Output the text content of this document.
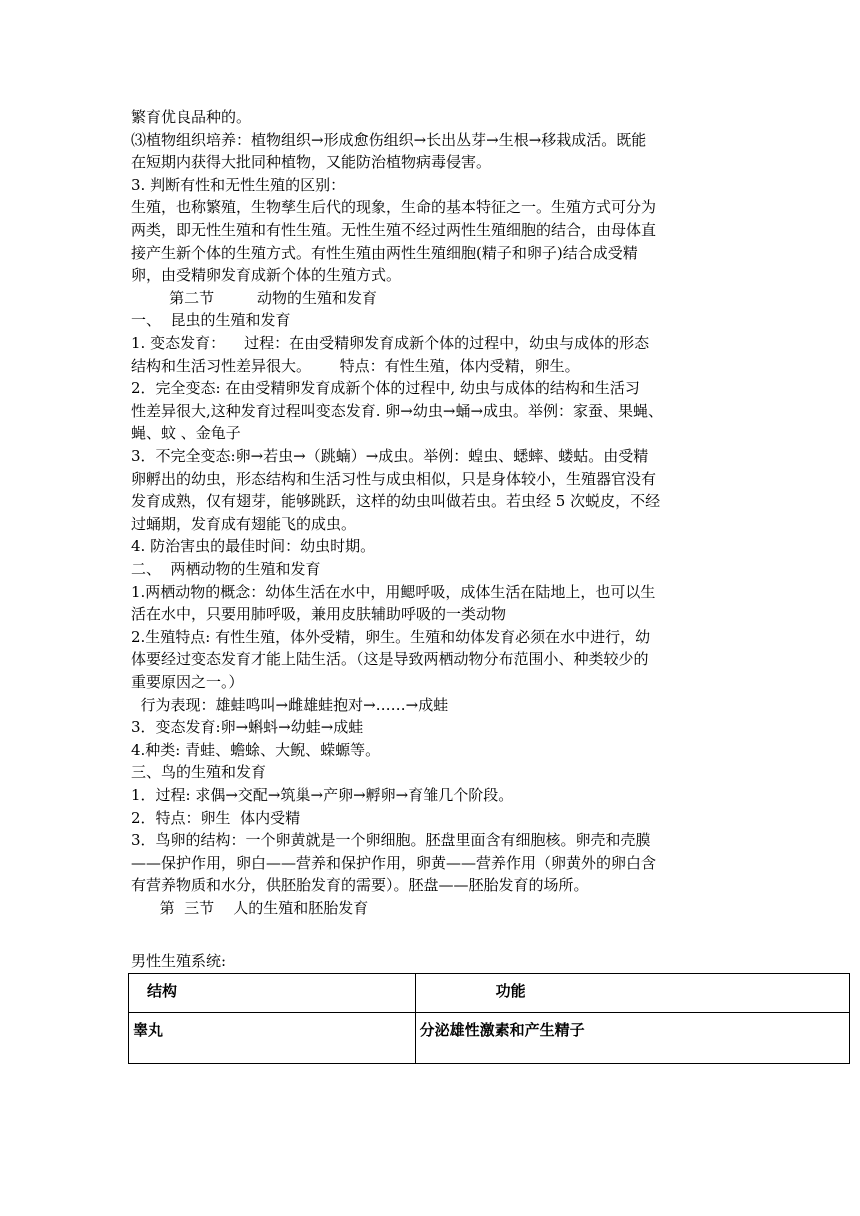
繁育优良品种的。
⑶植物组织培养：植物组织→形成愈伤组织→长出丛芽→生根→移栽成活。既能
在短期内获得大批同种植物，又能防治植物病毒侵害。
3. 判断有性和无性生殖的区别：
生殖，也称繁殖，生物孳生后代的现象，生命的基本特征之一。生殖方式可分为
两类，即无性生殖和有性生殖。无性生殖不经过两性生殖细胞的结合，由母体直
接产生新个体的生殖方式。有性生殖由两性生殖细胞(精子和卵子)结合成受精
卵，由受精卵发育成新个体的生殖方式。
第二节         动物的生殖和发育
一、  昆虫的生殖和发育
1. 变态发育：    过程：在由受精卵发育成新个体的过程中，幼虫与成体的形态
结构和生活习性差异很大。      特点：有性生殖，体内受精，卵生。
2．完全变态: 在由受精卵发育成新个体的过程中, 幼虫与成体的结构和生活习
性差异很大,这种发育过程叫变态发育. 卵→幼虫→蛹→成虫。举例：家蚕、果蝇、
蝇、蚊 、金龟子
3．不完全变态:卵→若虫→（跳蝻）→成虫。举例：蝗虫、蟋蟀、蝼蛄。由受精
卵孵出的幼虫，形态结构和生活习性与成虫相似，只是身体较小，生殖器官没有
发育成熟，仅有翅芽，能够跳跃，这样的幼虫叫做若虫。若虫经 5 次蜕皮，不经
过蛹期，发育成有翅能飞的成虫。
4. 防治害虫的最佳时间：幼虫时期。
二、  两栖动物的生殖和发育
1.两栖动物的概念：幼体生活在水中，用鳃呼吸，成体生活在陆地上，也可以生
活在水中，只要用肺呼吸，兼用皮肤辅助呼吸的一类动物
2.生殖特点: 有性生殖，体外受精，卵生。生殖和幼体发育必须在水中进行，幼
体要经过变态发育才能上陆生活。（这是导致两栖动物分布范围小、种类较少的
重要原因之一。）
行为表现：雄蛙鸣叫→雌雄蛙抱对→……→成蛙
3．变态发育:卵→蝌蚪→幼蛙→成蛙
4.种类: 青蛙、蟾蜍、大鲵、蝾螈等。
三、鸟的生殖和发育
1．过程: 求偶→交配→筑巢→产卵→孵卵→育雏几个阶段。
2．特点：卵生  体内受精
3．鸟卵的结构：一个卵黄就是一个卵细胞。胚盘里面含有细胞核。卵壳和壳膜
——保护作用，卵白——营养和保护作用，卵黄——营养作用（卵黄外的卵白含
有营养物质和水分，供胚胎发育的需要）。胚盘——胚胎发育的场所。
第  三节    人的生殖和胚胎发育
男性生殖系统:
结构	功能
睾丸	分泌雄性激素和产生精子
